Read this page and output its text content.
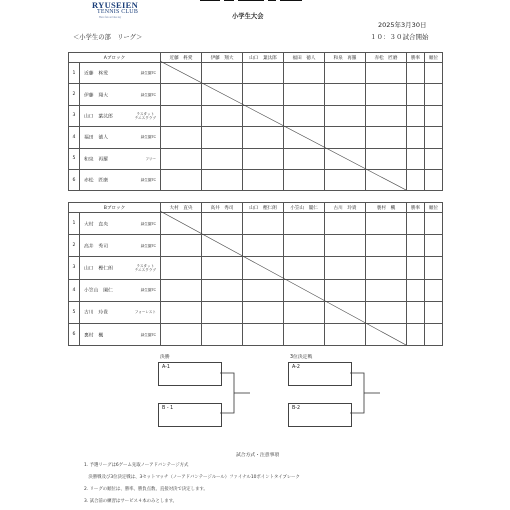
RYUSEIEN
TENNIS CLUB
Have fun on blue sky	小学生大会
2025年3月30日
１０：３０試合開始
＜小学生の部　リーグ＞
Aブロック		近藤　柊愛	伊藤　翔大	山口　葉汰郎	福田　徳人	和泉　再羅	赤松　匠磨	勝率	順位
1	近藤　柊愛 緑生園TC								

2	伊藤　翔大 緑生園TC								

3	山口　葉汰郎
ラスタット
テニスクラブ								

4	福田　徳人 緑生園TC								

5	和泉　再羅 フリー								

6	赤松　匠磨 緑生園TC								

Bブロック		大村　直央	高井　秀司	山口　樫仁朗	小笠山　閣仁	古川　玲貴	裏村　楓	勝率	順位
1	大村　直央 緑生園TC								

2	高井　秀司 緑生園TC								

3	山口　樫仁朗
ラスタット
テニスクラブ								

4	小笠山　閣仁 緑生園TC								

5	古川　玲貴 フォーレスト								

6	裏村　楓 緑生園TC								

決勝
A-1
B - 1
3位決定戦
A-2
B-2
試合方式・注意事項
1. 予選リーグは6ゲーム先取ノーアドバンテージ方式
　決勝戦及び3位決定戦は、3セットマッチ（ノーアドバンテージルール）ファイナル10ポイントタイブレーク
2. リーグの順位は、勝率、勝負点数、直接対決で決定します。
3. 試合前の練習はサービス４本のみとします。
